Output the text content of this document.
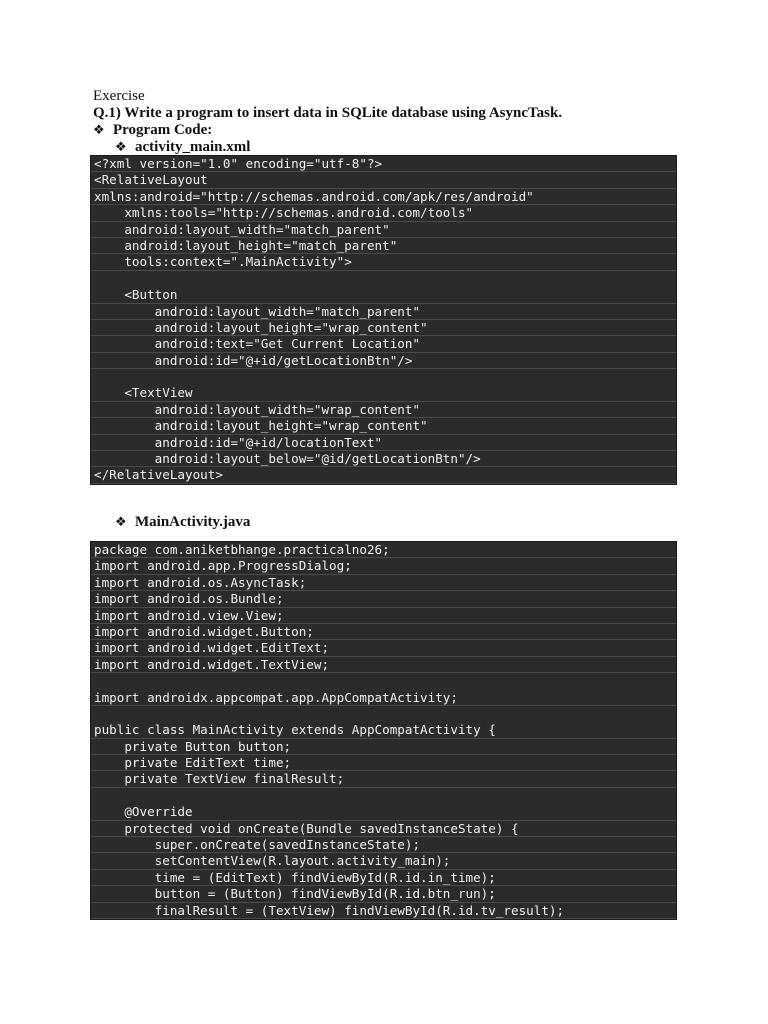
Exercise

Q.1) Write a program to insert data in SQLite database using AsyncTask.

❖ Program Code:

❖ activity_main.xml

<?xml version="1.0" encoding="utf-8"?>
<RelativeLayout
xmlns:android="http://schemas.android.com/apk/res/android"
xmlns:tools="http://schemas.android.com/tools"
android:layout_width="match_parent"
android:layout_height="match_parent"
tools:context=".MainActivity">
<Button
android:layout_width="match_parent"
android:layout_height="wrap_content"
android:text="Get Current Location"
android:id="@+id/getLocationBtn"/>
<TextView
android:layout_width="wrap_content"
android:layout_height="wrap_content"
android:id="@+id/locationText"
android:layout_below="@id/getLocationBtn"/>
</RelativeLayout>

❖ MainActivity.java

package com.aniketbhange.practicalno26;
import android.app.ProgressDialog;
import android.os.AsyncTask;
import android.os.Bundle;
import android.view.View;
import android.widget.Button;
import android.widget.EditText;
import android.widget.TextView;
import androidx.appcompat.app.AppCompatActivity;
public class MainActivity extends AppCompatActivity {
private Button button;
private EditText time;
private TextView finalResult;
@Override
protected void onCreate(Bundle savedInstanceState) {
super.onCreate(savedInstanceState);
setContentView(R.layout.activity_main);
time = (EditText) findViewById(R.id.in_time);
button = (Button) findViewById(R.id.btn_run);
finalResult = (TextView) findViewById(R.id.tv_result);
